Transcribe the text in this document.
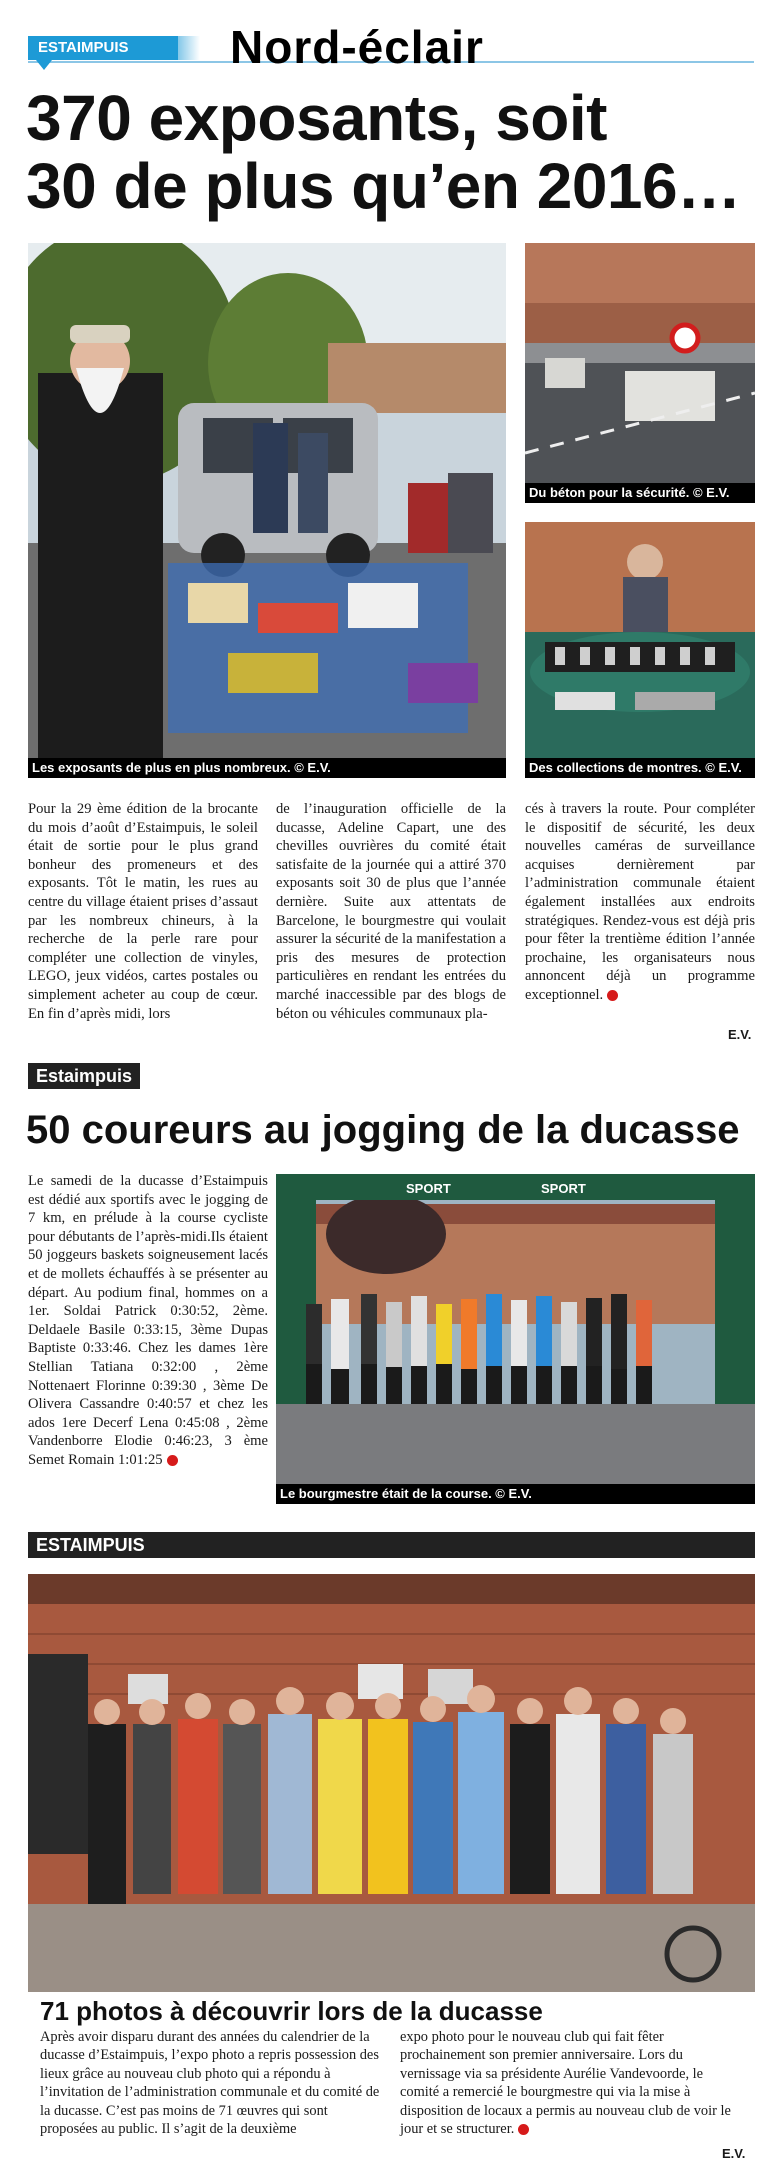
ESTAIMPUIS	Nord-éclair
370 exposants, soit
30 de plus qu’en 2016…
Les exposants de plus en plus nombreux. © E.V.
Du béton pour la sécurité. © E.V.
Des collections de montres. © E.V.

Pour la 29 ème édition de la brocante du mois d’août d’Estaimpuis, le soleil était de sortie pour le plus grand bonheur des promeneurs et des exposants. Tôt le matin, les rues au centre du village étaient prises d’assaut par les nombreux chineurs, à la recherche de la perle rare pour compléter une collection de vinyles, LEGO, jeux vidéos, cartes postales ou simplement acheter au coup de cœur. En fin d’après midi, lors

de l’inauguration officielle de la ducasse, Adeline Capart, une des chevilles ouvrières du comité était satisfaite de la journée qui a attiré 370 exposants soit 30 de plus que l’année dernière. Suite aux attentats de Barcelone, le bourgmestre qui voulait assurer la sécurité de la manifestation a pris des mesures de protection particulières en rendant les entrées du marché inaccessible par des blogs de béton ou véhicules communaux pla-

cés à travers la route. Pour compléter le dispositif de sécurité, les deux nouvelles caméras de surveillance acquises dernièrement par l’administration communale étaient également installées aux endroits stratégiques. Rendez-vous est déjà pris pour fêter la trentième édition l’année prochaine, les organisateurs nous annoncent déjà un programme exceptionnel.

E.V.
Estaimpuis
50 coureurs au jogging de la ducasse

Le samedi de la ducasse d’Estaimpuis est dédié aux sportifs avec le jogging de 7 km, en prélude à la course cycliste pour débutants de l’après-midi.Ils étaient 50 joggeurs baskets soigneusement lacés et de mollets échauffés à se présenter au départ. Au podium final, hommes on a 1er. Soldai Patrick 0:30:52, 2ème. Deldaele Basile 0:33:15, 3ème Dupas Baptiste 0:33:46. Chez les dames 1ère Stellian Tatiana 0:32:00 , 2ème Nottenaert Florinne 0:39:30 , 3ème De Olivera Cassandre 0:40:57 et chez les ados 1ere Decerf Lena 0:45:08 , 2ème Vandenborre Elodie 0:46:23, 3 ème Semet Romain 1:01:25

SPORT	SPORT
Le bourgmestre était de la course. © E.V.
ESTAIMPUIS
71 photos à découvrir lors de la ducasse

Après avoir disparu durant des années du calendrier de la ducasse d’Estaimpuis, l’expo photo a repris possession des lieux grâce au nouveau club photo qui a répondu à l’invitation de l’administration communale et du comité de la ducasse. C’est pas moins de 71 œuvres qui sont proposées au public. Il s’agit de la deuxième

expo photo pour le nouveau club qui fait fêter prochainement son premier anniversaire. Lors du vernissage via sa présidente Aurélie Vandevoorde, le comité a remercié le bourgmestre qui via la mise à disposition de locaux a permis au nouveau club de voir le jour et se structurer.

E.V.
